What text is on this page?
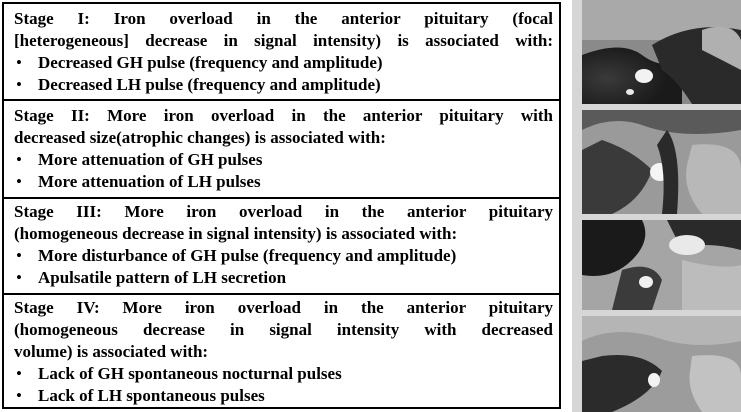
Stage I: Iron overload in the anterior pituitary (focal
[heterogeneous] decrease in signal intensity) is associated with:
• Decreased GH pulse (frequency and amplitude)
• Decreased LH pulse (frequency and amplitude)
Stage II: More iron overload in the anterior pituitary with
decreased size(atrophic changes) is associated with:
• More attenuation of GH pulses
• More attenuation of LH pulses
Stage III: More iron overload in the anterior pituitary
(homogeneous decrease in signal intensity) is associated with:
• More disturbance of GH pulse (frequency and amplitude)
• Apulsatile pattern of LH secretion
Stage IV: More iron overload in the anterior pituitary
(homogeneous decrease in signal intensity with decreased
volume) is associated with:
• Lack of GH spontaneous nocturnal pulses
• Lack of LH spontaneous pulses
